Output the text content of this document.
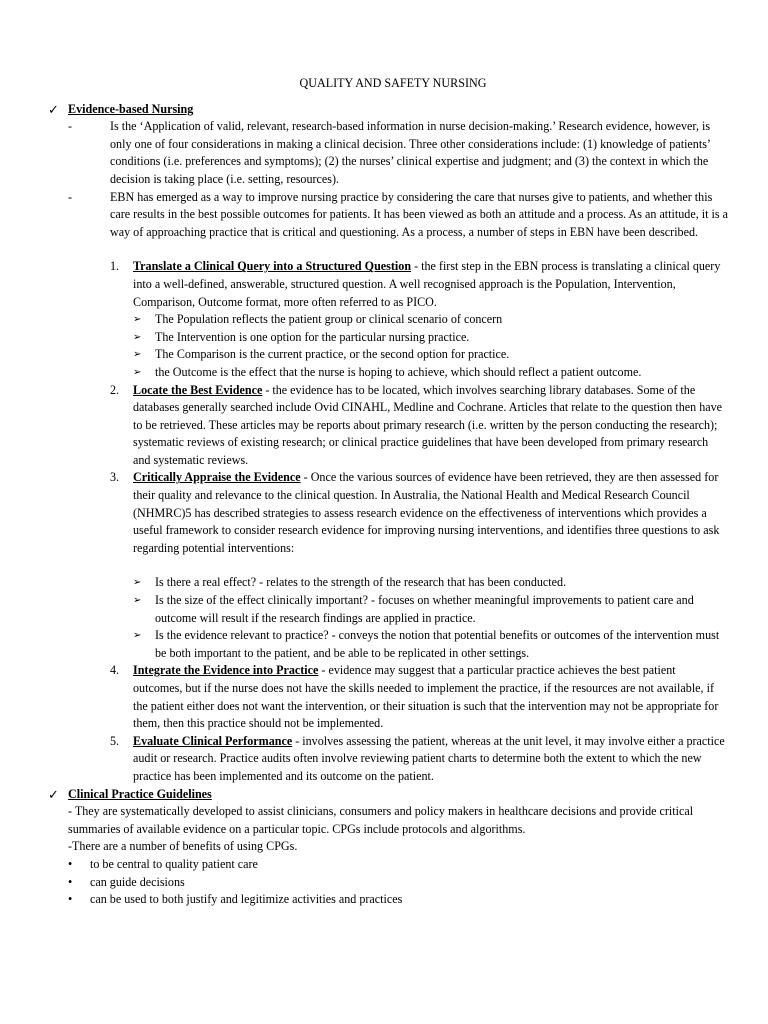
QUALITY AND SAFETY NURSING
✓ Evidence-based Nursing
-	Is the ‘Application of valid, relevant, research-based information in nurse decision-making.’ Research evidence, however, is only one of four considerations in making a clinical decision. Three other considerations include: (1) knowledge of patients’ conditions (i.e. preferences and symptoms); (2) the nurses’ clinical expertise and judgment; and (3) the context in which the decision is taking place (i.e. setting, resources).
-	EBN has emerged as a way to improve nursing practice by considering the care that nurses give to patients, and whether this care results in the best possible outcomes for patients. It has been viewed as both an attitude and a process. As an attitude, it is a way of approaching practice that is critical and questioning. As a process, a number of steps in EBN have been described.
1. Translate a Clinical Query into a Structured Question - the first step in the EBN process is translating a clinical query into a well-defined, answerable, structured question. A well recognised approach is the Population, Intervention, Comparison, Outcome format, more often referred to as PICO.
➢ The Population reflects the patient group or clinical scenario of concern
➢ The Intervention is one option for the particular nursing practice.
➢ The Comparison is the current practice, or the second option for practice.
➢ the Outcome is the effect that the nurse is hoping to achieve, which should reflect a patient outcome.
2. Locate the Best Evidence - the evidence has to be located, which involves searching library databases. Some of the databases generally searched include Ovid CINAHL, Medline and Cochrane. Articles that relate to the question then have to be retrieved. These articles may be reports about primary research (i.e. written by the person conducting the research); systematic reviews of existing research; or clinical practice guidelines that have been developed from primary research and systematic reviews.
3. Critically Appraise the Evidence - Once the various sources of evidence have been retrieved, they are then assessed for their quality and relevance to the clinical question. In Australia, the National Health and Medical Research Council (NHMRC)5 has described strategies to assess research evidence on the effectiveness of interventions which provides a useful framework to consider research evidence for improving nursing interventions, and identifies three questions to ask regarding potential interventions:
➢ Is there a real effect? - relates to the strength of the research that has been conducted.
➢ Is the size of the effect clinically important? - focuses on whether meaningful improvements to patient care and outcome will result if the research findings are applied in practice.
➢ Is the evidence relevant to practice? - conveys the notion that potential benefits or outcomes of the intervention must be both important to the patient, and be able to be replicated in other settings.
4. Integrate the Evidence into Practice - evidence may suggest that a particular practice achieves the best patient outcomes, but if the nurse does not have the skills needed to implement the practice, if the resources are not available, if the patient either does not want the intervention, or their situation is such that the intervention may not be appropriate for them, then this practice should not be implemented.
5. Evaluate Clinical Performance - involves assessing the patient, whereas at the unit level, it may involve either a practice audit or research. Practice audits often involve reviewing patient charts to determine both the extent to which the new practice has been implemented and its outcome on the patient.
✓ Clinical Practice Guidelines
- They are systematically developed to assist clinicians, consumers and policy makers in healthcare decisions and provide critical summaries of available evidence on a particular topic. CPGs include protocols and algorithms.
-There are a number of benefits of using CPGs.
• to be central to quality patient care
• can guide decisions
• can be used to both justify and legitimize activities and practices
